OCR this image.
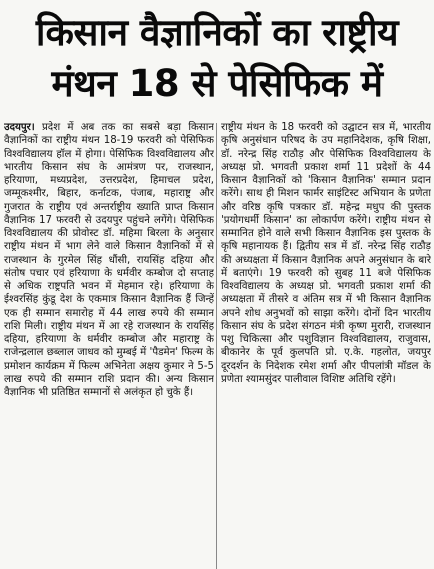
किसान वैज्ञानिकों का राष्ट्रीय
मंथन 18 से पेसिफिक में

उदयपुर। प्रदेश में अब तक का सबसे बड़ा किसान वैज्ञानिकों का राष्ट्रीय मंथन 18-19 फरवरी को पेसिफिक विश्वविद्यालय हॉल में होगा। पेसिफिक विश्वविद्यालय और भारतीय किसान संघ के आमंत्रण पर, राजस्थान, हरियाणा, मध्यप्रदेश, उत्तरप्रदेश, हिमाचल प्रदेश, जम्मूकश्मीर, बिहार, कर्नाटक, पंजाब, महाराष्ट्र और गुजरात के राष्ट्रीय एवं अन्तर्राष्ट्रीय ख्याति प्राप्त किसान वैज्ञानिक 17 फरवरी से उदयपुर पहुंचने लगेंगे। पेसिफिक विश्वविद्यालय की प्रोवोस्ट डॉ. महिमा बिरला के अनुसार राष्ट्रीय मंथन में भाग लेने वाले किसान वैज्ञानिकों में से राजस्थान के गुरमेल सिंह धौंसी, रायसिंह दहिया और संतोष पचार एवं हरियाणा के धर्मवीर कम्बोज दो सप्ताह से अधिक राष्ट्रपति भवन में मेहमान रहे। हरियाणा के ईश्वरसिंह कुंडू देश के एकमात्र किसान वैज्ञानिक हैं जिन्हें एक ही सम्मान समारोह में 44 लाख रुपये की सम्मान राशि मिली। राष्ट्रीय मंथन में आ रहे राजस्थान के रायसिंह दहिया, हरियाणा के धर्मवीर कम्बोज और महाराष्ट्र के राजेन्द्रलाल छब्लाल जाधव को मुम्बई में 'पैडमेन' फिल्म के प्रमोशन कार्यक्रम में फिल्म अभिनेता अक्षय कुमार ने 5-5 लाख रुपये की सम्मान राशि प्रदान की। अन्य किसान वैज्ञानिक भी प्रतिष्ठित सम्मानों से अलंकृत हो चुके हैं।

राष्ट्रीय मंथन के 18 फरवरी को उद्घाटन सत्र में, भारतीय कृषि अनुसंधान परिषद के उप महानिदेशक, कृषि शिक्षा, डॉ. नरेन्द्र सिंह राठौड़ और पेसिफिक विश्वविद्यालय के अध्यक्ष प्रो. भगवती प्रकाश शर्मा 11 प्रदेशों के 44 किसान वैज्ञानिकों को 'किसान वैज्ञानिक' सम्मान प्रदान करेंगे। साथ ही मिशन फार्मर साइंटिस्ट अभियान के प्रणेता और वरिष्ठ कृषि पत्रकार डॉ. महेन्द्र मधुप की पुस्तक 'प्रयोगधर्मी किसान' का लोकार्पण करेंगे। राष्ट्रीय मंथन से सम्मानित होने वाले सभी किसान वैज्ञानिक इस पुस्तक के कृषि महानायक हैं। द्वितीय सत्र में डॉ. नरेन्द्र सिंह राठौड़ की अध्यक्षता में किसान वैज्ञानिक अपने अनुसंधान के बारे में बताएंगे। 19 फरवरी को सुबह 11 बजे पेसिफिक विश्वविद्यालय के अध्यक्ष प्रो. भगवती प्रकाश शर्मा की अध्यक्षता में तीसरे व अंतिम सत्र में भी किसान वैज्ञानिक अपने शोध अनुभवों को साझा करेंगे। दोनों दिन भारतीय किसान संघ के प्रदेश संगठन मंत्री कृष्ण मुरारी, राजस्थान पशु चिकित्सा और पशुविज्ञान विश्वविद्यालय, राजुवास, बीकानेर के पूर्व कुलपति प्रो. ए.के. गहलोत, जयपुर दूरदर्शन के निदेशक रमेश शर्मा और पीपलांत्री मॉडल के प्रणेता श्यामसुंदर पालीवाल विशिष्ट अतिथि रहेंगे।
